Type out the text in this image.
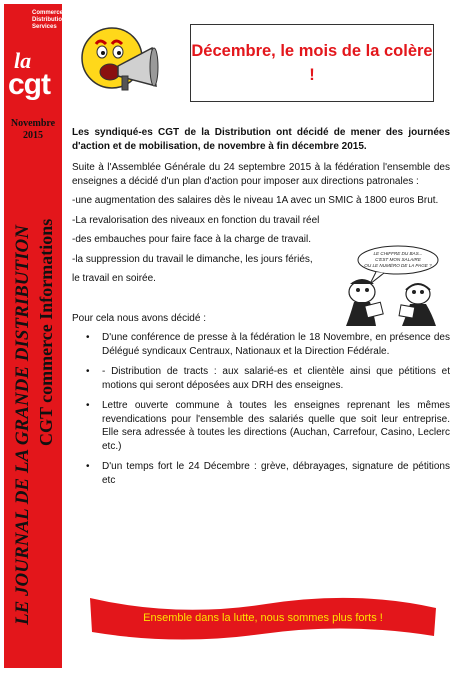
Commerce
Distribution
Services
la
cgt
Novembre
2015
LE JOURNAL DE LA GRANDE DISTRIBUTION CGT commerce Informations
Décembre, le mois de la colère !

Les syndiqué-es CGT de la Distribution ont décidé de mener des journées d'action et de mobilisation, de novembre à fin décembre 2015.

Suite à l'Assemblée Générale du 24 septembre 2015 à la fédération l'ensemble des enseignes a décidé d'un plan d'action pour imposer aux directions patronales :

-une augmentation des salaires dès le niveau 1A avec un SMIC à 1800 euros Brut.

-La revalorisation des niveaux en fonction du travail réel

-des embauches pour faire face à la charge de travail.

-la suppression du travail le dimanche, les jours fériés,

le travail en soirée.

Pour cela nous avons décidé :

• D'une conférence de presse à la fédération le 18 Novembre, en présence des Délégué syndicaux Centraux, Nationaux et la Direction Fédérale.
• - Distribution de tracts : aux salarié-es et clientèle ainsi que pétitions et motions qui seront déposées aux DRH des enseignes.
• Lettre ouverte commune à toutes les enseignes reprenant les mêmes revendications pour l'ensemble des salariés quelle que soit leur entreprise. Elle sera adressée à toutes les directions (Auchan, Carrefour, Casino, Leclerc etc.)
• D'un temps fort le 24 Décembre : grève, débrayages, signature de pétitions etc
LE CHIFFRE DU BAS...
C'EST MON SALAIRE
OU LE NUMÉRO DE LA PAGE ?
Ensemble dans la lutte, nous sommes plus forts !
